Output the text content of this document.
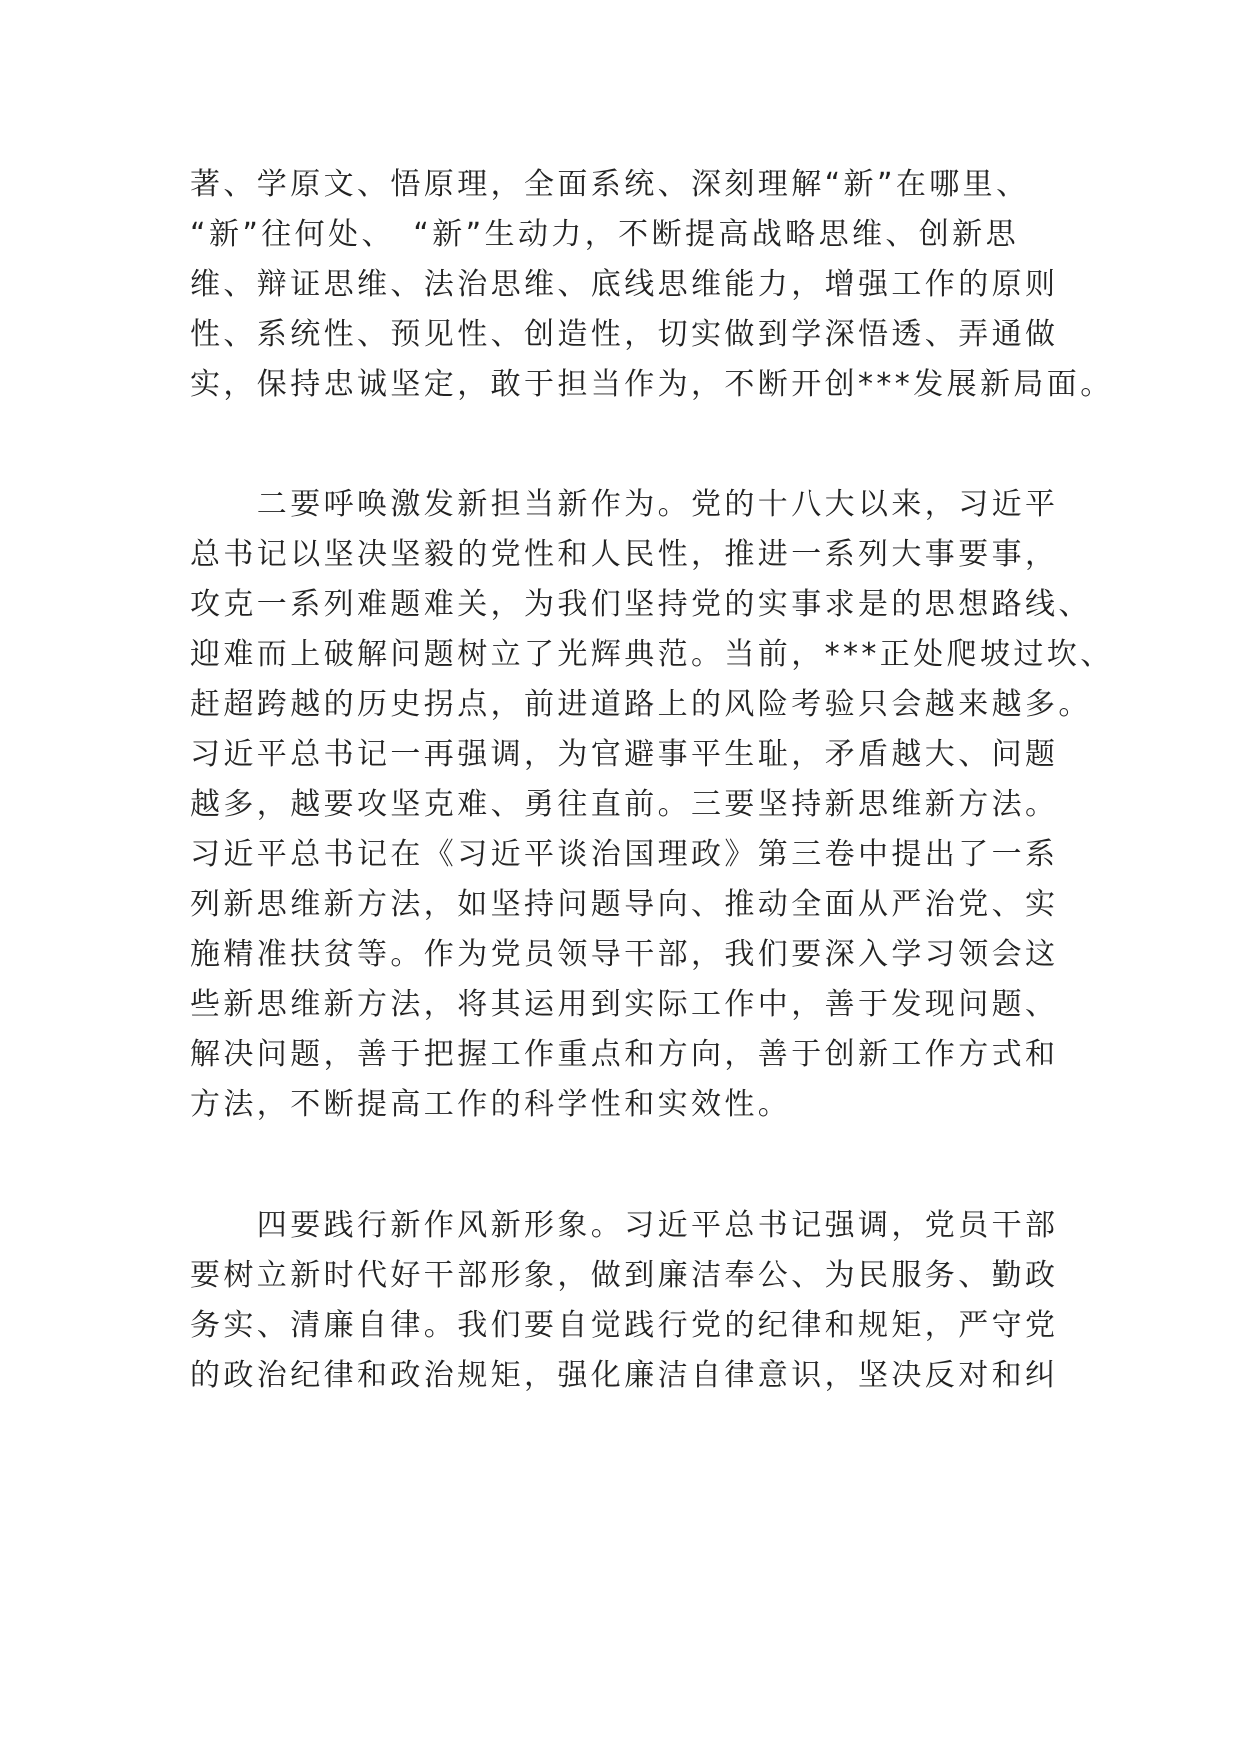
著、学原文、悟原理，全面系统、深刻理解“新”在哪里、
“新”往何处、　“新”生动力，不断提高战略思维、创新思
维、辩证思维、法治思维、底线思维能力，增强工作的原则
性、系统性、预见性、创造性，切实做到学深悟透、弄通做
实，保持忠诚坚定，敢于担当作为，不断开创***发展新局面。
　　二要呼唤激发新担当新作为。党的十八大以来，习近平
总书记以坚决坚毅的党性和人民性，推进一系列大事要事，
攻克一系列难题难关，为我们坚持党的实事求是的思想路线、
迎难而上破解问题树立了光辉典范。当前，***正处爬坡过坎、
赶超跨越的历史拐点，前进道路上的风险考验只会越来越多。
习近平总书记一再强调，为官避事平生耻，矛盾越大、问题
越多，越要攻坚克难、勇往直前。三要坚持新思维新方法。
习近平总书记在《习近平谈治国理政》第三卷中提出了一系
列新思维新方法，如坚持问题导向、推动全面从严治党、实
施精准扶贫等。作为党员领导干部，我们要深入学习领会这
些新思维新方法，将其运用到实际工作中，善于发现问题、
解决问题，善于把握工作重点和方向，善于创新工作方式和
方法，不断提高工作的科学性和实效性。
　　四要践行新作风新形象。习近平总书记强调，党员干部
要树立新时代好干部形象，做到廉洁奉公、为民服务、勤政
务实、清廉自律。我们要自觉践行党的纪律和规矩，严守党
的政治纪律和政治规矩，强化廉洁自律意识，坚决反对和纠
